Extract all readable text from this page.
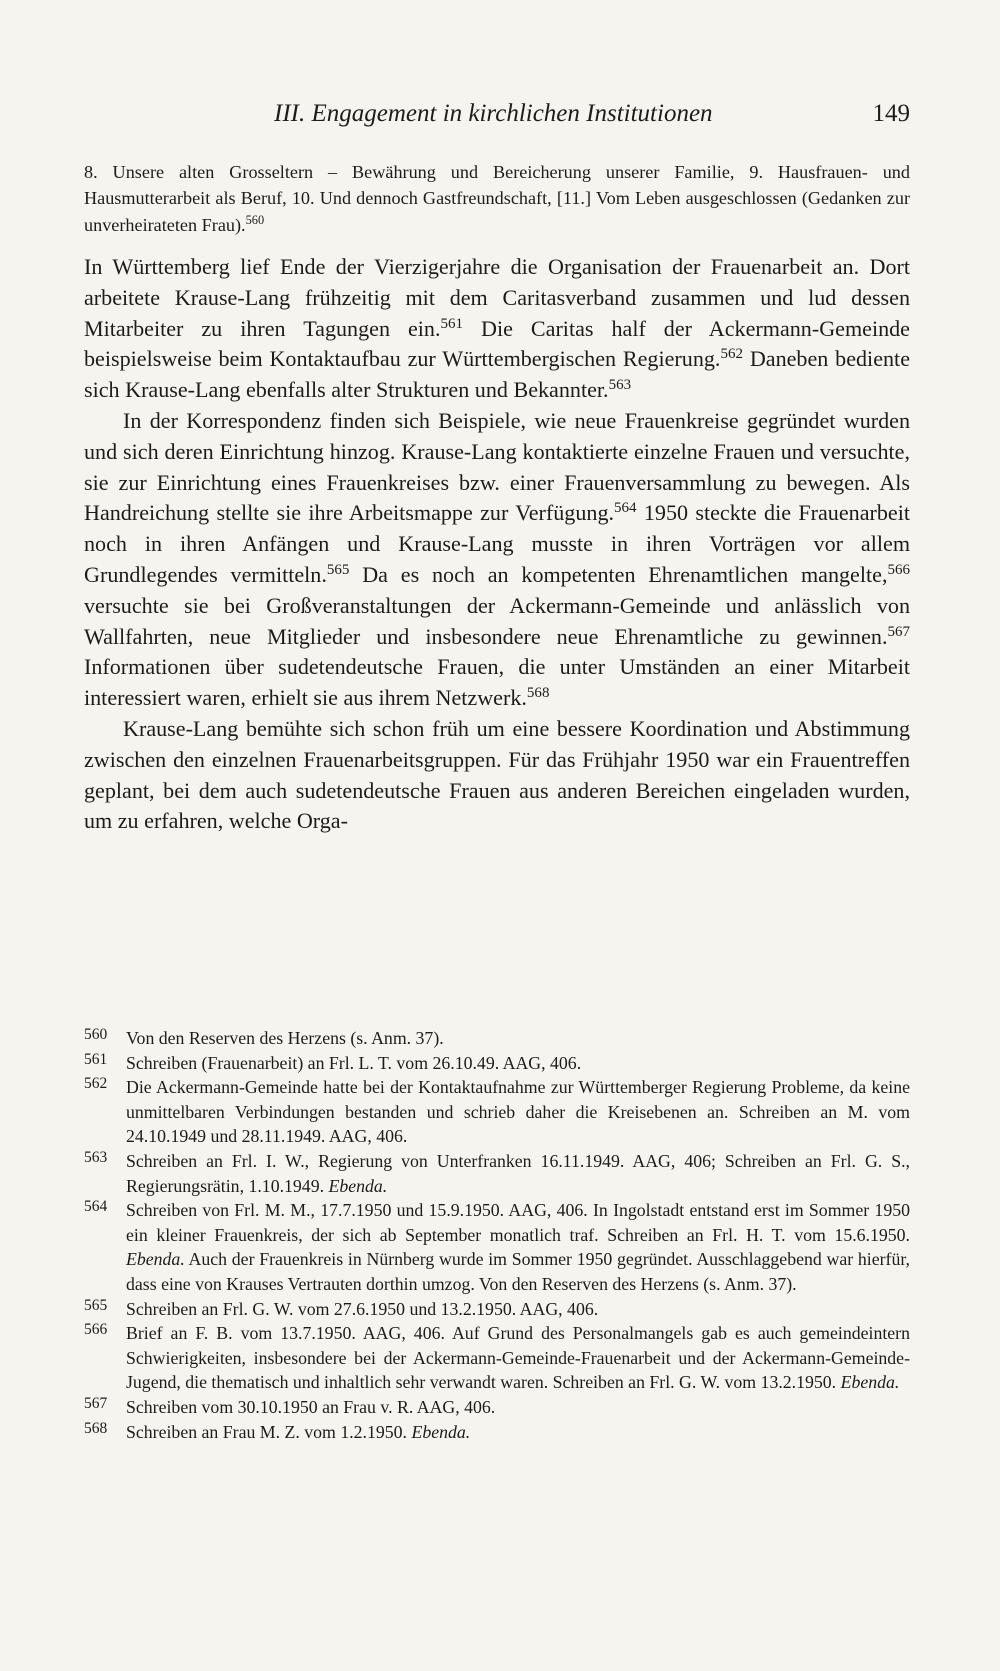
III. Engagement in kirchlichen Institutionen	149

8. Unsere alten Grosseltern – Bewährung und Bereicherung unserer Familie, 9. Hausfrauen- und Hausmutterarbeit als Beruf, 10. Und dennoch Gastfreundschaft, [11.] Vom Leben ausgeschlossen (Gedanken zur unverheirateten Frau).$^{560}$

In Württemberg lief Ende der Vierzigerjahre die Organisation der Frauenarbeit an. Dort arbeitete Krause-Lang frühzeitig mit dem Caritasverband zusammen und lud dessen Mitarbeiter zu ihren Tagungen ein.$^{561}$ Die Caritas half der Ackermann-Gemeinde beispielsweise beim Kontaktaufbau zur Württembergischen Regierung.$^{562}$ Daneben bediente sich Krause-Lang ebenfalls alter Strukturen und Bekannter.$^{563}$

In der Korrespondenz finden sich Beispiele, wie neue Frauenkreise gegründet wurden und sich deren Einrichtung hinzog. Krause-Lang kontaktierte einzelne Frauen und versuchte, sie zur Einrichtung eines Frauenkreises bzw. einer Frauenversammlung zu bewegen. Als Handreichung stellte sie ihre Arbeitsmappe zur Verfügung.$^{564}$ 1950 steckte die Frauenarbeit noch in ihren Anfängen und Krause-Lang musste in ihren Vorträgen vor allem Grundlegendes vermitteln.$^{565}$ Da es noch an kompetenten Ehrenamtlichen mangelte,$^{566}$ versuchte sie bei Großveranstaltungen der Ackermann-Gemeinde und anlässlich von Wallfahrten, neue Mitglieder und insbesondere neue Ehrenamtliche zu gewinnen.$^{567}$ Informationen über sudetendeutsche Frauen, die unter Umständen an einer Mitarbeit interessiert waren, erhielt sie aus ihrem Netzwerk.$^{568}$

Krause-Lang bemühte sich schon früh um eine bessere Koordination und Abstimmung zwischen den einzelnen Frauenarbeitsgruppen. Für das Frühjahr 1950 war ein Frauentreffen geplant, bei dem auch sudetendeutsche Frauen aus anderen Bereichen eingeladen wurden, um zu erfahren, welche Orga-

560 Von den Reserven des Herzens (s. Anm. 37).
561 Schreiben (Frauenarbeit) an Frl. L. T. vom 26.10.49. AAG, 406.
562 Die Ackermann-Gemeinde hatte bei der Kontaktaufnahme zur Württemberger Regierung Probleme, da keine unmittelbaren Verbindungen bestanden und schrieb daher die Kreisebenen an. Schreiben an M. vom 24.10.1949 und 28.11.1949. AAG, 406.
563 Schreiben an Frl. I. W., Regierung von Unterfranken 16.11.1949. AAG, 406; Schreiben an Frl. G. S., Regierungsrätin, 1.10.1949. Ebenda.
564 Schreiben von Frl. M. M., 17.7.1950 und 15.9.1950. AAG, 406. In Ingolstadt entstand erst im Sommer 1950 ein kleiner Frauenkreis, der sich ab September monatlich traf. Schreiben an Frl. H. T. vom 15.6.1950. Ebenda. Auch der Frauenkreis in Nürnberg wurde im Sommer 1950 gegründet. Ausschlaggebend war hierfür, dass eine von Krauses Vertrauten dorthin umzog. Von den Reserven des Herzens (s. Anm. 37).
565 Schreiben an Frl. G. W. vom 27.6.1950 und 13.2.1950. AAG, 406.
566 Brief an F. B. vom 13.7.1950. AAG, 406. Auf Grund des Personalmangels gab es auch gemeindeintern Schwierigkeiten, insbesondere bei der Ackermann-Gemeinde-Frauenarbeit und der Ackermann-Gemeinde-Jugend, die thematisch und inhaltlich sehr verwandt waren. Schreiben an Frl. G. W. vom 13.2.1950. Ebenda.
567 Schreiben vom 30.10.1950 an Frau v. R. AAG, 406.
568 Schreiben an Frau M. Z. vom 1.2.1950. Ebenda.
